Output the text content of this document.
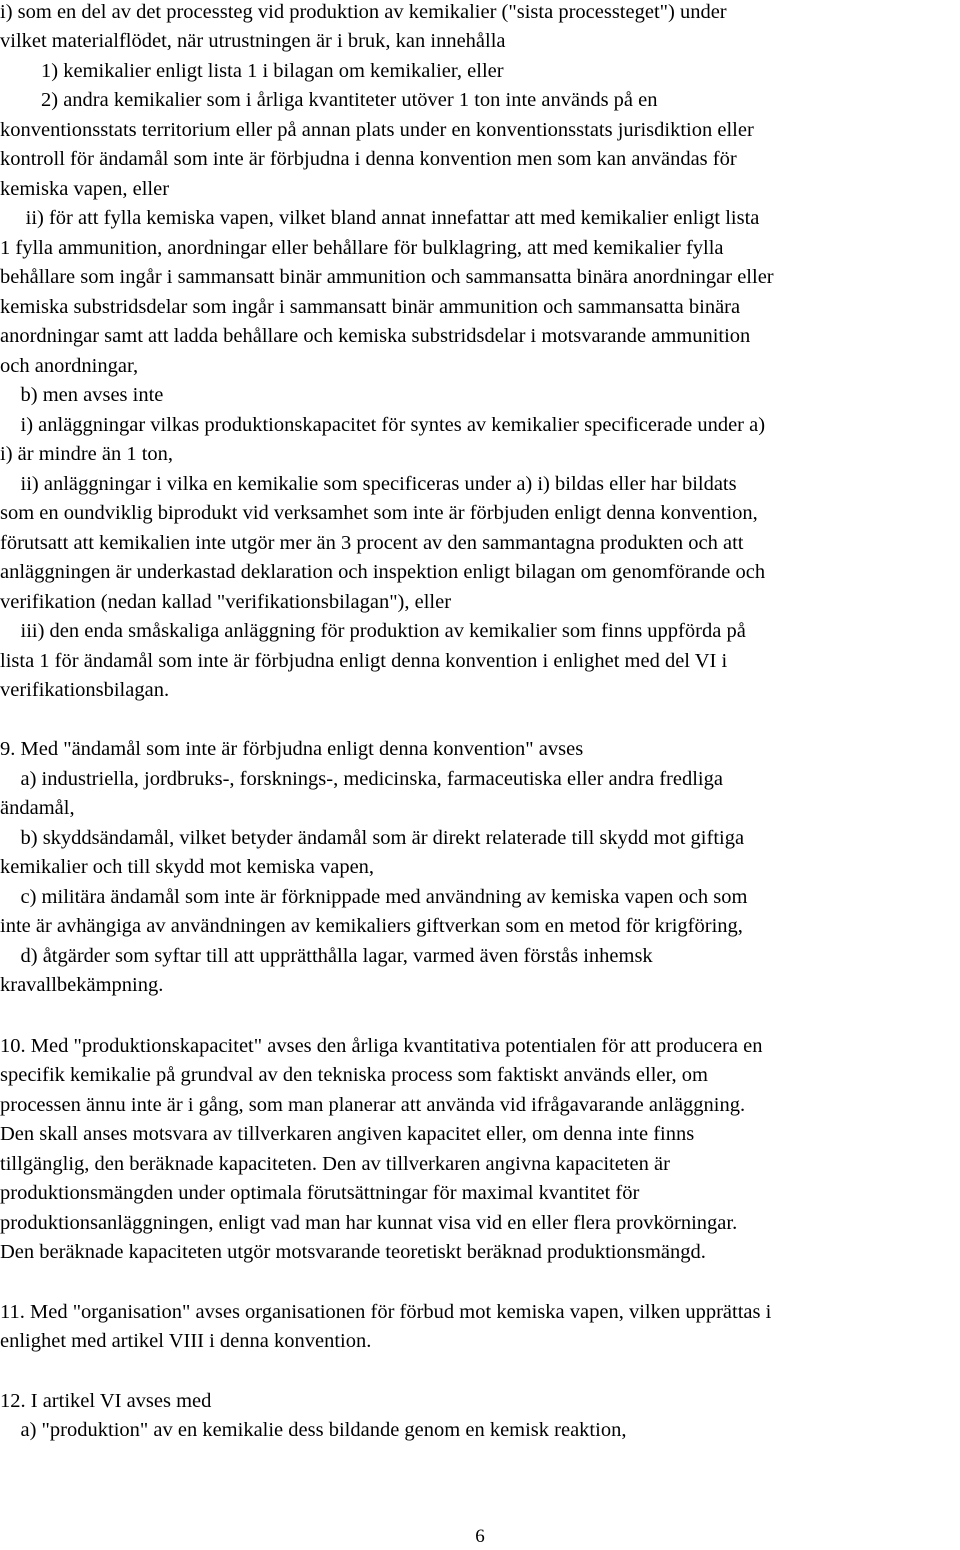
i) som en del av det processteg vid produktion av kemikalier ("sista processteget") under
vilket materialflödet, när utrustningen är i bruk, kan innehålla
1) kemikalier enligt lista 1 i bilagan om kemikalier, eller
2) andra kemikalier som i årliga kvantiteter utöver 1 ton inte används på en
konventionsstats territorium eller på annan plats under en konventionsstats jurisdiktion eller
kontroll för ändamål som inte är förbjudna i denna konvention men som kan användas för
kemiska vapen, eller
ii) för att fylla kemiska vapen, vilket bland annat innefattar att med kemikalier enligt lista
1 fylla ammunition, anordningar eller behållare för bulklagring, att med kemikalier fylla
behållare som ingår i sammansatt binär ammunition och sammansatta binära anordningar eller
kemiska substridsdelar som ingår i sammansatt binär ammunition och sammansatta binära
anordningar samt att ladda behållare och kemiska substridsdelar i motsvarande ammunition
och anordningar,
b) men avses inte
i) anläggningar vilkas produktionskapacitet för syntes av kemikalier specificerade under a)
i) är mindre än 1 ton,
ii) anläggningar i vilka en kemikalie som specificeras under a) i) bildas eller har bildats
som en oundviklig biprodukt vid verksamhet som inte är förbjuden enligt denna konvention,
förutsatt att kemikalien inte utgör mer än 3 procent av den sammantagna produkten och att
anläggningen är underkastad deklaration och inspektion enligt bilagan om genomförande och
verifikation (nedan kallad "verifikationsbilagan"), eller
iii) den enda småskaliga anläggning för produktion av kemikalier som finns uppförda på
lista 1 för ändamål som inte är förbjudna enligt denna konvention i enlighet med del VI i
verifikationsbilagan.
9. Med "ändamål som inte är förbjudna enligt denna konvention" avses
a) industriella, jordbruks-, forsknings-, medicinska, farmaceutiska eller andra fredliga
ändamål,
b) skyddsändamål, vilket betyder ändamål som är direkt relaterade till skydd mot giftiga
kemikalier och till skydd mot kemiska vapen,
c) militära ändamål som inte är förknippade med användning av kemiska vapen och som
inte är avhängiga av användningen av kemikaliers giftverkan som en metod för krigföring,
d) åtgärder som syftar till att upprätthålla lagar, varmed även förstås inhemsk
kravallbekämpning.
10. Med "produktionskapacitet" avses den årliga kvantitativa potentialen för att producera en
specifik kemikalie på grundval av den tekniska process som faktiskt används eller, om
processen ännu inte är i gång, som man planerar att använda vid ifrågavarande anläggning.
Den skall anses motsvara av tillverkaren angiven kapacitet eller, om denna inte finns
tillgänglig, den beräknade kapaciteten. Den av tillverkaren angivna kapaciteten är
produktionsmängden under optimala förutsättningar för maximal kvantitet för
produktionsanläggningen, enligt vad man har kunnat visa vid en eller flera provkörningar.
Den beräknade kapaciteten utgör motsvarande teoretiskt beräknad produktionsmängd.
11. Med "organisation" avses organisationen för förbud mot kemiska vapen, vilken upprättas i
enlighet med artikel VIII i denna konvention.
12. I artikel VI avses med
a) "produktion" av en kemikalie dess bildande genom en kemisk reaktion,
6
